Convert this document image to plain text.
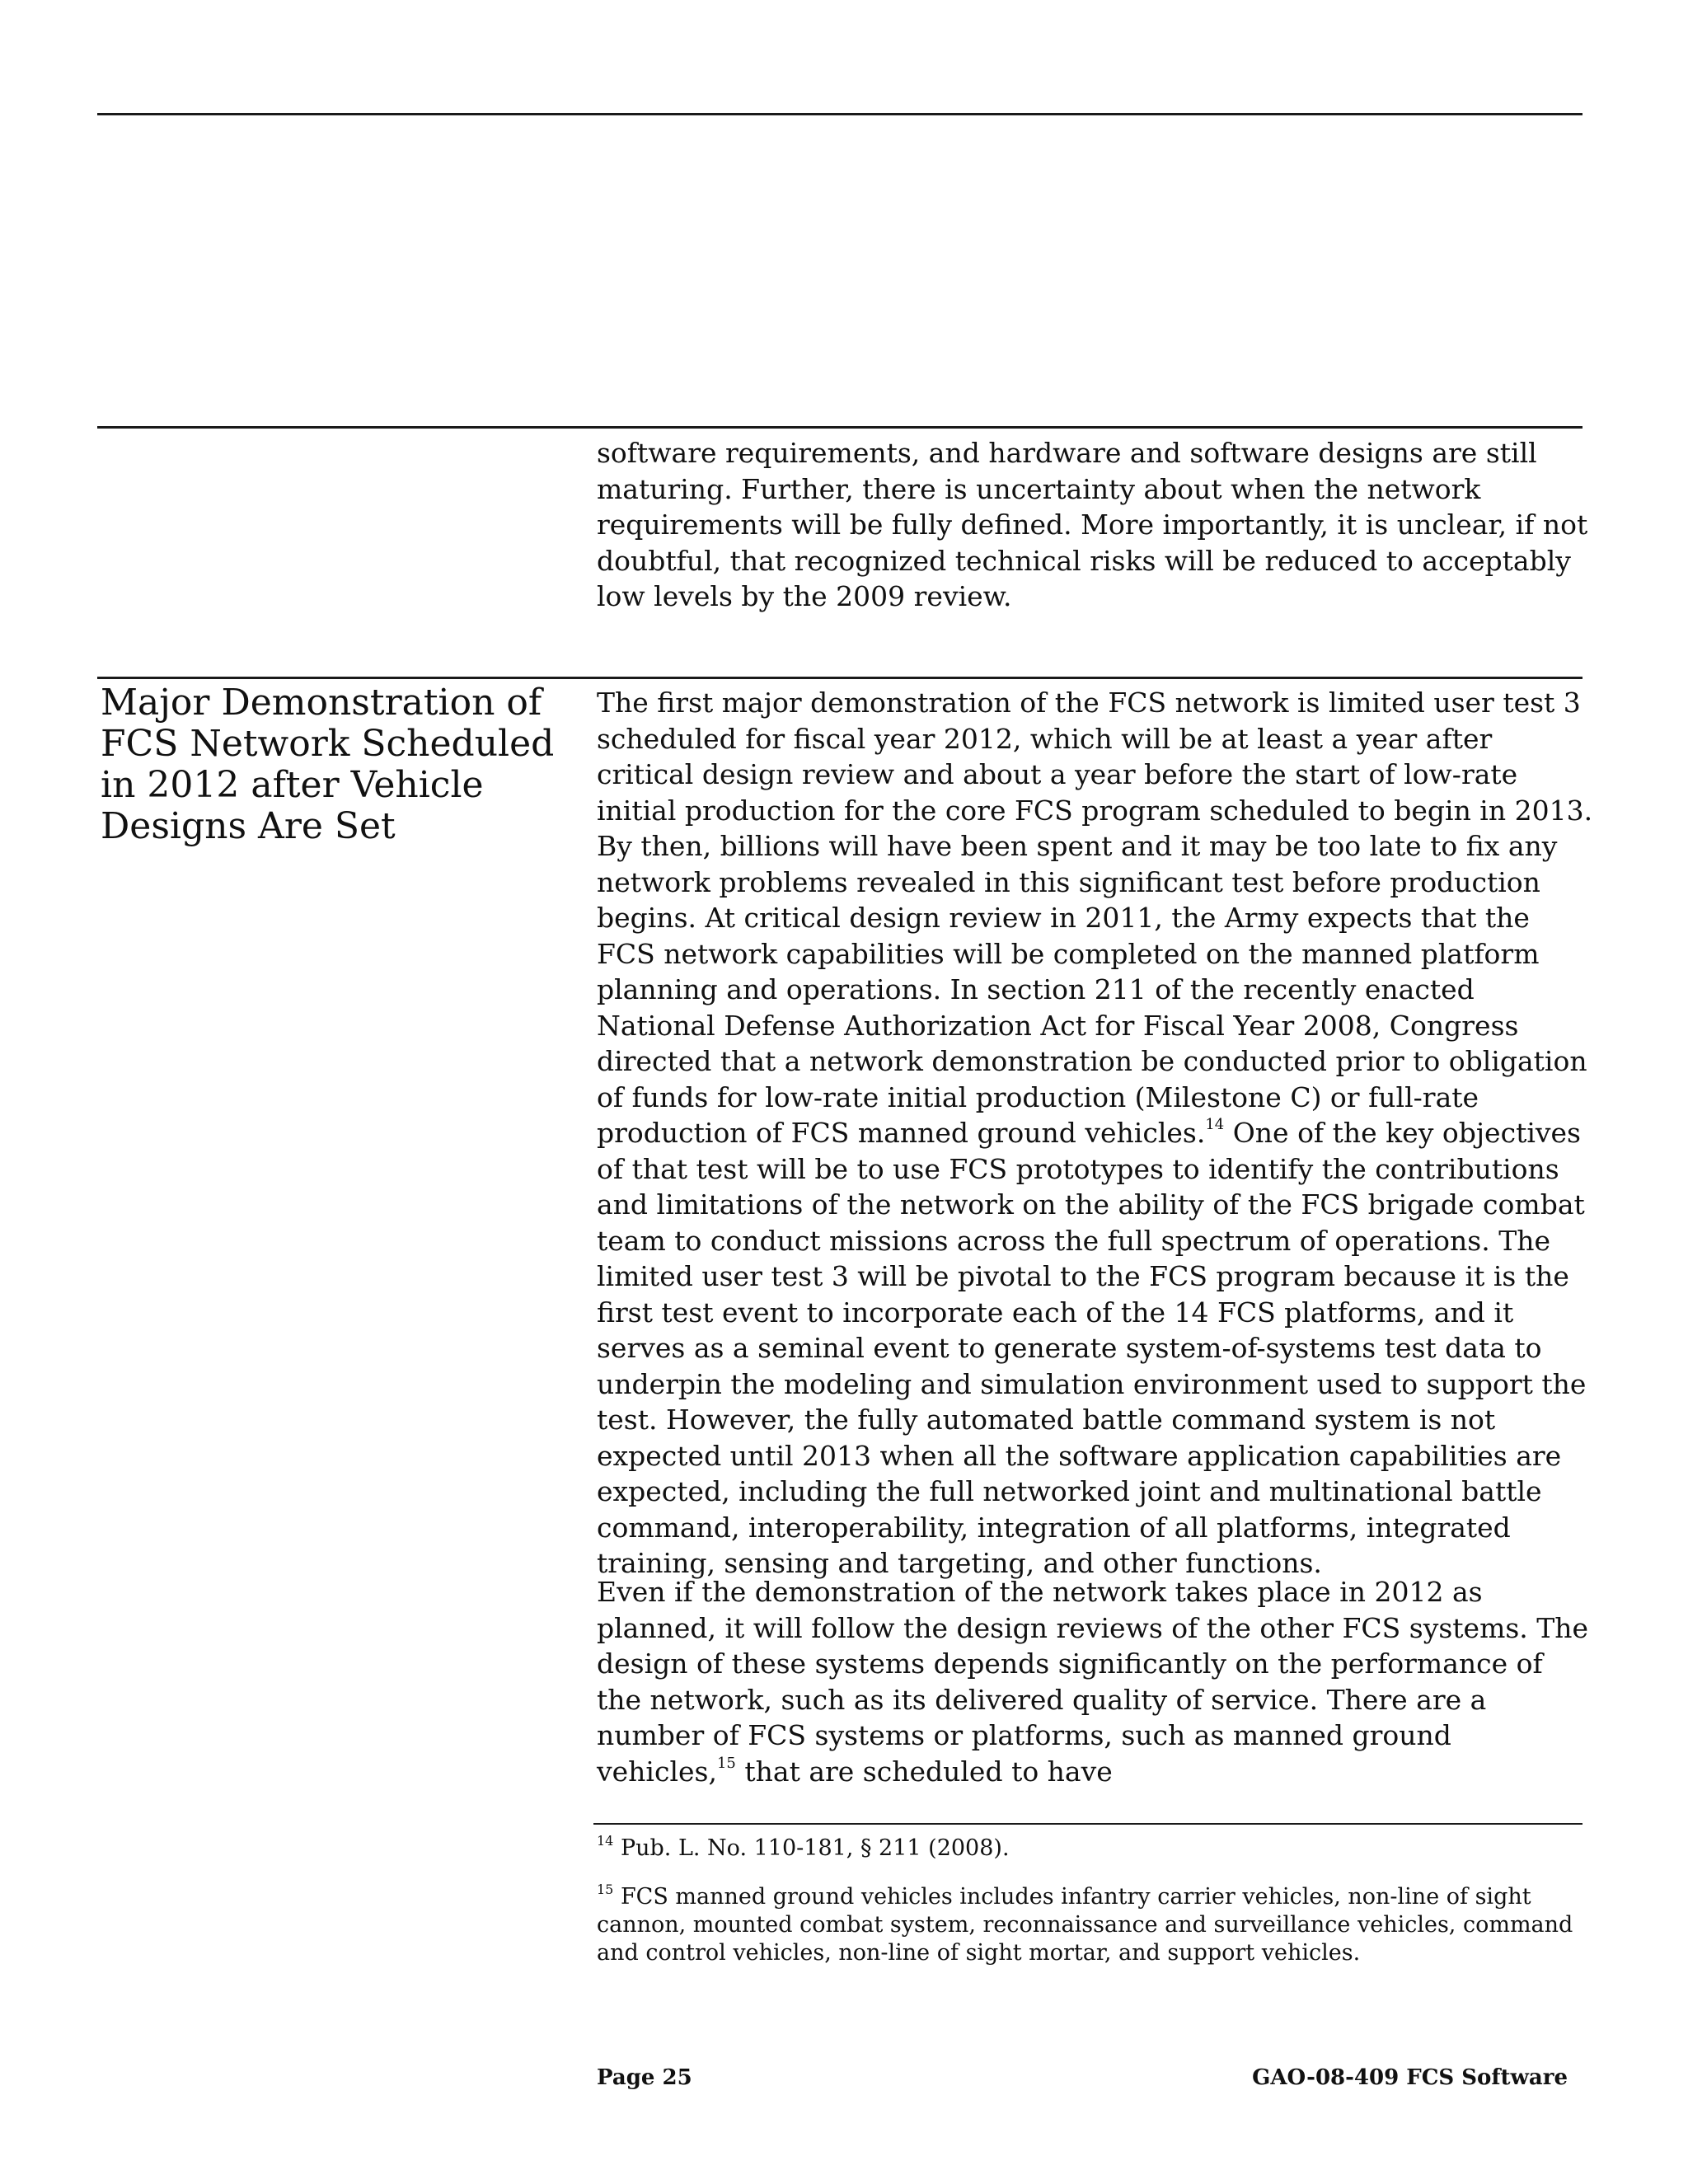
software requirements, and hardware and software designs are still maturing. Further, there is uncertainty about when the network requirements will be fully defined. More importantly, it is unclear, if not doubtful, that recognized technical risks will be reduced to acceptably low levels by the 2009 review.

Major Demonstration of FCS Network Scheduled in 2012 after Vehicle Designs Are Set

The first major demonstration of the FCS network is limited user test 3 scheduled for fiscal year 2012, which will be at least a year after critical design review and about a year before the start of low-rate initial production for the core FCS program scheduled to begin in 2013. By then, billions will have been spent and it may be too late to fix any network problems revealed in this significant test before production begins. At critical design review in 2011, the Army expects that the FCS network capabilities will be completed on the manned platform planning and operations. In section 211 of the recently enacted National Defense Authorization Act for Fiscal Year 2008, Congress directed that a network demonstration be conducted prior to obligation of funds for low-rate initial production (Milestone C) or full-rate production of FCS manned ground vehicles.$^{14}$ One of the key objectives of that test will be to use FCS prototypes to identify the contributions and limitations of the network on the ability of the FCS brigade combat team to conduct missions across the full spectrum of operations. The limited user test 3 will be pivotal to the FCS program because it is the first test event to incorporate each of the 14 FCS platforms, and it serves as a seminal event to generate system-of-systems test data to underpin the modeling and simulation environment used to support the test. However, the fully automated battle command system is not expected until 2013 when all the software application capabilities are expected, including the full networked joint and multinational battle command, interoperability, integration of all platforms, integrated training, sensing and targeting, and other functions.

Even if the demonstration of the network takes place in 2012 as planned, it will follow the design reviews of the other FCS systems. The design of these systems depends significantly on the performance of the network, such as its delivered quality of service. There are a number of FCS systems or platforms, such as manned ground vehicles,$^{15}$ that are scheduled to have

$^{14}$ Pub. L. No. 110-181, § 211 (2008).

$^{15}$ FCS manned ground vehicles includes infantry carrier vehicles, non-line of sight cannon, mounted combat system, reconnaissance and surveillance vehicles, command and control vehicles, non-line of sight mortar, and support vehicles.

Page 25	GAO-08-409 FCS Software
